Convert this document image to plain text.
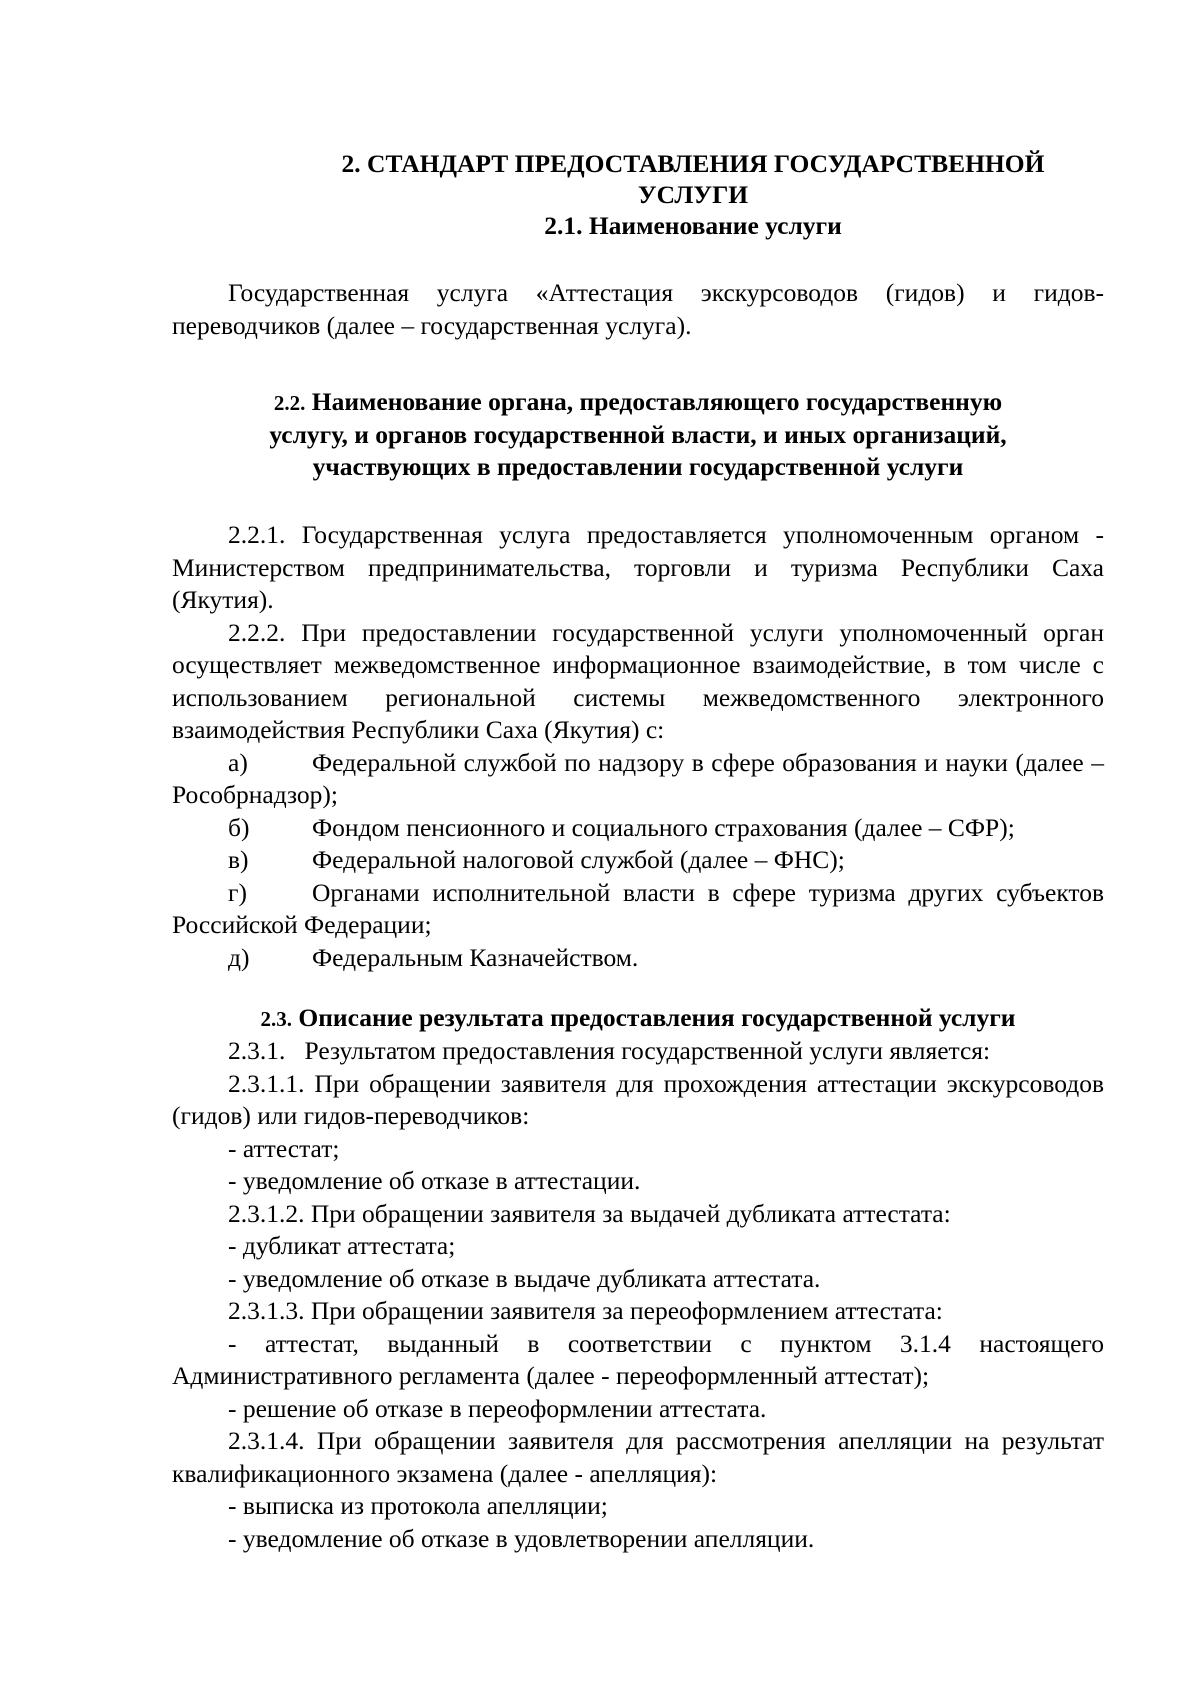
2. СТАНДАРТ ПРЕДОСТАВЛЕНИЯ ГОСУДАРСТВЕННОЙ
УСЛУГИ
2.1. Наименование услуги

Государственная услуга «Аттестация экскурсоводов (гидов) и гидов-переводчиков (далее – государственная услуга).

2.2. Наименование органа, предоставляющего государственную
услугу, и органов государственной власти, и иных организаций,
участвующих в предоставлении государственной услуги

2.2.1. Государственная услуга предоставляется уполномоченным органом - Министерством предпринимательства, торговли и туризма Республики Саха (Якутия).

2.2.2. При предоставлении государственной услуги уполномоченный орган осуществляет межведомственное информационное взаимодействие, в том числе с использованием региональной системы межведомственного электронного взаимодействия Республики Саха (Якутия) с:

а)	Федеральной службой по надзору в сфере образования и науки (далее – Рособрнадзор);

б) Фондом пенсионного и социального страхования (далее – СФР);

в) Федеральной налоговой службой (далее – ФНС);

г)	Органами исполнительной власти в сфере туризма других субъектов Российской Федерации;

д) Федеральным Казначейством.

2.3. Описание результата предоставления государственной услуги

2.3.1.   Результатом предоставления государственной услуги является:

2.3.1.1. При обращении заявителя для прохождения аттестации экскурсоводов (гидов) или гидов-переводчиков:

- аттестат;

- уведомление об отказе в аттестации.

2.3.1.2. При обращении заявителя за выдачей дубликата аттестата:

- дубликат аттестата;

- уведомление об отказе в выдаче дубликата аттестата.

2.3.1.3. При обращении заявителя за переоформлением аттестата:

- аттестат, выданный в соответствии с пунктом 3.1.4 настоящего Административного регламента (далее - переоформленный аттестат);

- решение об отказе в переоформлении аттестата.

2.3.1.4. При обращении заявителя для рассмотрения апелляции на результат квалификационного экзамена (далее - апелляция):

- выписка из протокола апелляции;

- уведомление об отказе в удовлетворении апелляции.
